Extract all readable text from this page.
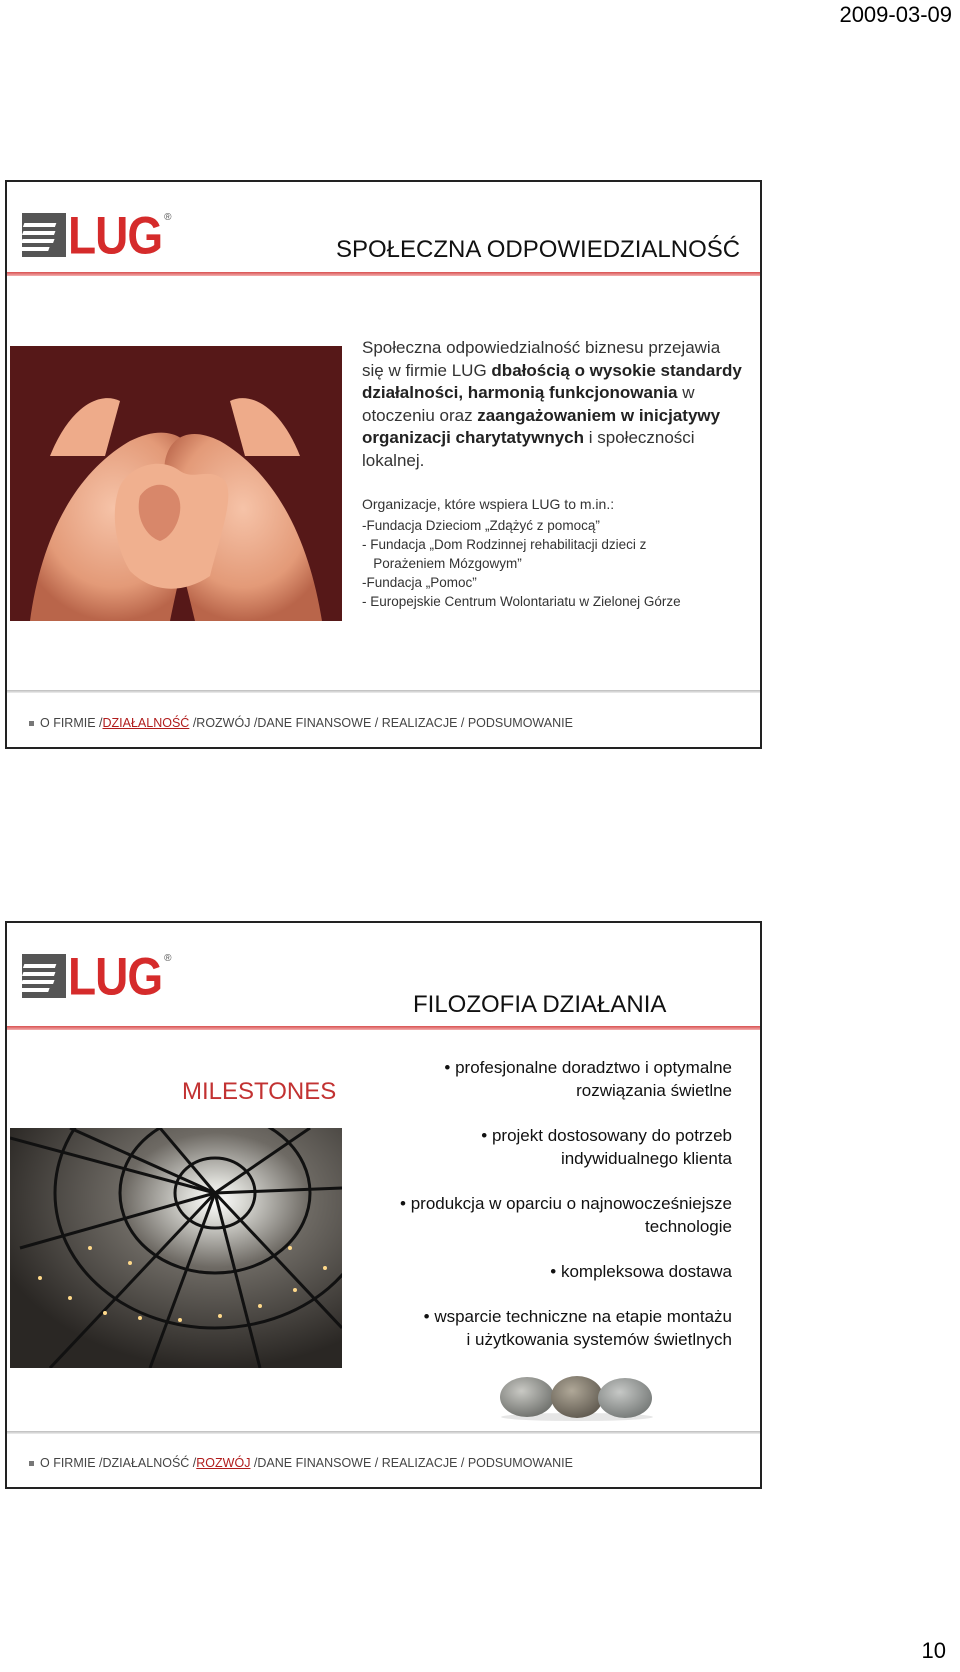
2009-03-09
LUG ®
SPOŁECZNA ODPOWIEDZIALNOŚĆ
Społeczna odpowiedzialność biznesu przejawia się w firmie LUG dbałością o wysokie standardy działalności, harmonią funkcjonowania w otoczeniu oraz zaangażowaniem w inicjatywy organizacji charytatywnych i społeczności lokalnej.
Organizacje, które wspiera LUG to m.in.:
-Fundacja Dzieciom „Zdążyć z pomocą”
- Fundacja „Dom Rodzinnej rehabilitacji dzieci z
Porażeniem Mózgowym”
-Fundacja „Pomoc”
- Europejskie Centrum Wolontariatu w Zielonej Górze
O FIRMIE /DZIAŁALNOŚĆ /ROZWÓJ /DANE FINANSOWE / REALIZACJE / PODSUMOWANIE
LUG ®
FILOZOFIA DZIAŁANIA
MILESTONES

• profesjonalne doradztwo i optymalne
rozwiązania świetlne

• projekt dostosowany do potrzeb
indywidualnego klienta

• produkcja w oparciu o najnowocześniejsze
technologie

• kompleksowa dostawa

• wsparcie techniczne na etapie montażu
i użytkowania systemów świetlnych

O FIRMIE /DZIAŁALNOŚĆ /ROZWÓJ /DANE FINANSOWE / REALIZACJE / PODSUMOWANIE
10
